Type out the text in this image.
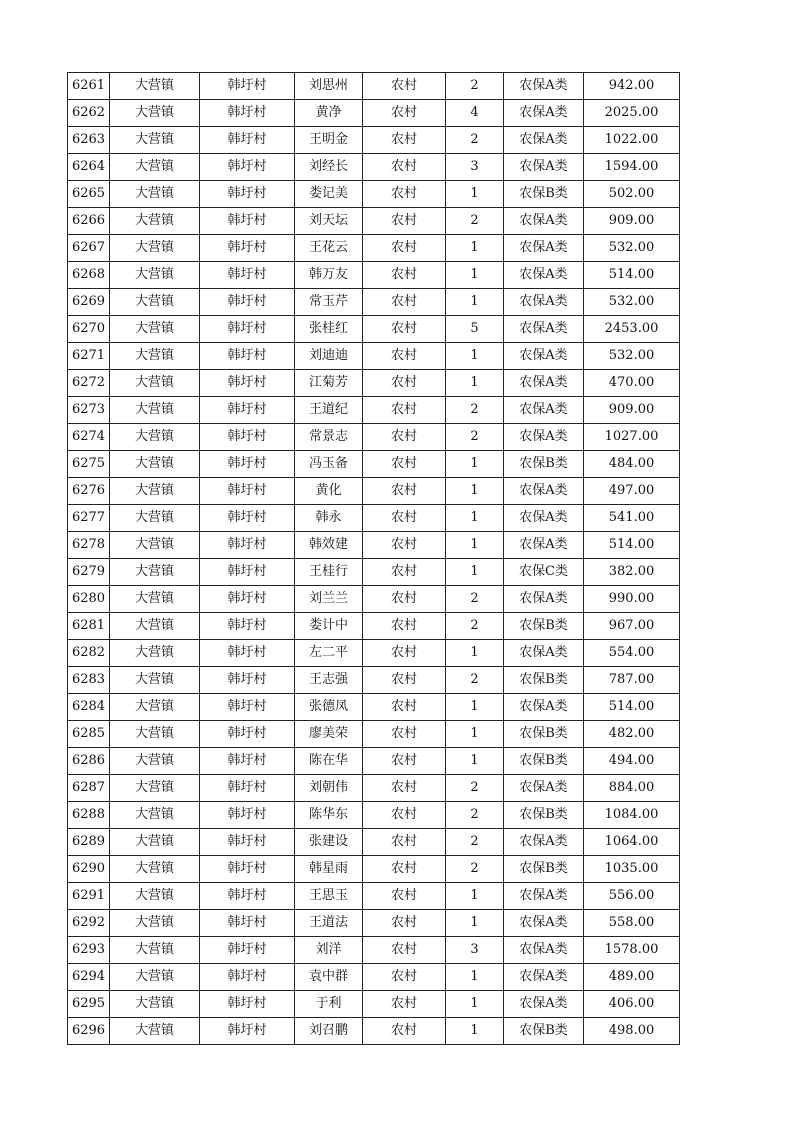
6261	大营镇	韩圩村	刘思州	农村	2	农保A类	942.00
6262	大营镇	韩圩村	黄净	农村	4	农保A类	2025.00
6263	大营镇	韩圩村	王明金	农村	2	农保A类	1022.00
6264	大营镇	韩圩村	刘经长	农村	3	农保A类	1594.00
6265	大营镇	韩圩村	娄记美	农村	1	农保B类	502.00
6266	大营镇	韩圩村	刘天坛	农村	2	农保A类	909.00
6267	大营镇	韩圩村	王花云	农村	1	农保A类	532.00
6268	大营镇	韩圩村	韩万友	农村	1	农保A类	514.00
6269	大营镇	韩圩村	常玉芹	农村	1	农保A类	532.00
6270	大营镇	韩圩村	张桂红	农村	5	农保A类	2453.00
6271	大营镇	韩圩村	刘迪迪	农村	1	农保A类	532.00
6272	大营镇	韩圩村	江菊芳	农村	1	农保A类	470.00
6273	大营镇	韩圩村	王道纪	农村	2	农保A类	909.00
6274	大营镇	韩圩村	常景志	农村	2	农保A类	1027.00
6275	大营镇	韩圩村	冯玉备	农村	1	农保B类	484.00
6276	大营镇	韩圩村	黄化	农村	1	农保A类	497.00
6277	大营镇	韩圩村	韩永	农村	1	农保A类	541.00
6278	大营镇	韩圩村	韩效建	农村	1	农保A类	514.00
6279	大营镇	韩圩村	王桂行	农村	1	农保C类	382.00
6280	大营镇	韩圩村	刘兰兰	农村	2	农保A类	990.00
6281	大营镇	韩圩村	娄计中	农村	2	农保B类	967.00
6282	大营镇	韩圩村	左二平	农村	1	农保A类	554.00
6283	大营镇	韩圩村	王志强	农村	2	农保B类	787.00
6284	大营镇	韩圩村	张德凤	农村	1	农保A类	514.00
6285	大营镇	韩圩村	廖美荣	农村	1	农保B类	482.00
6286	大营镇	韩圩村	陈在华	农村	1	农保B类	494.00
6287	大营镇	韩圩村	刘朝伟	农村	2	农保A类	884.00
6288	大营镇	韩圩村	陈华东	农村	2	农保B类	1084.00
6289	大营镇	韩圩村	张建设	农村	2	农保A类	1064.00
6290	大营镇	韩圩村	韩星雨	农村	2	农保B类	1035.00
6291	大营镇	韩圩村	王思玉	农村	1	农保A类	556.00
6292	大营镇	韩圩村	王道法	农村	1	农保A类	558.00
6293	大营镇	韩圩村	刘洋	农村	3	农保A类	1578.00
6294	大营镇	韩圩村	袁中群	农村	1	农保A类	489.00
6295	大营镇	韩圩村	于利	农村	1	农保A类	406.00
6296	大营镇	韩圩村	刘召鹏	农村	1	农保B类	498.00
